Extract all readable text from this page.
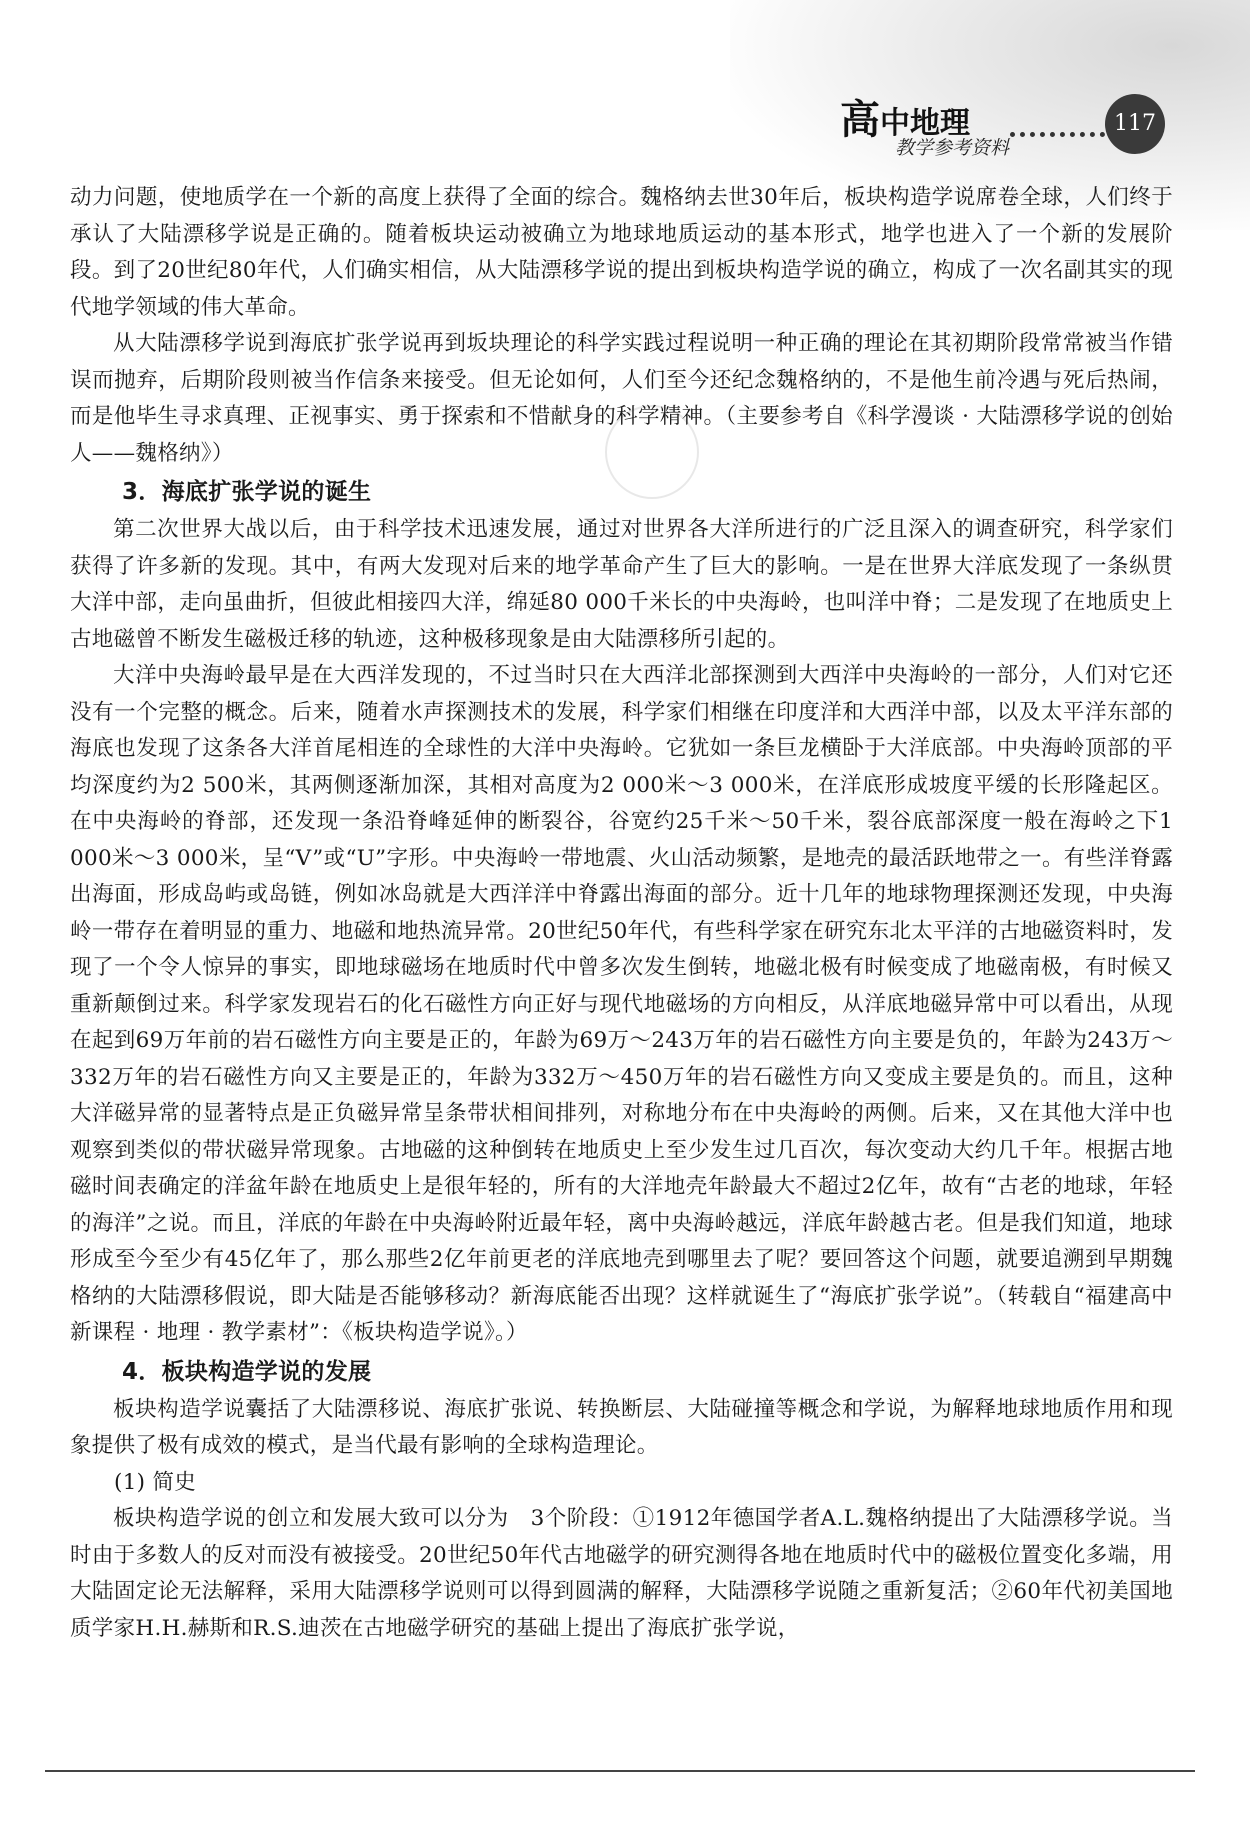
高中地理
教学参考资料
117

动力问题，使地质学在一个新的高度上获得了全面的综合。魏格纳去世30年后，板块构造学说席卷全球，人们终于承认了大陆漂移学说是正确的。随着板块运动被确立为地球地质运动的基本形式，地学也进入了一个新的发展阶段。到了20世纪80年代，人们确实相信，从大陆漂移学说的提出到板块构造学说的确立，构成了一次名副其实的现代地学领域的伟大革命。

从大陆漂移学说到海底扩张学说再到坂块理论的科学实践过程说明一种正确的理论在其初期阶段常常被当作错误而抛弃，后期阶段则被当作信条来接受。但无论如何，人们至今还纪念魏格纳的，不是他生前冷遇与死后热闹，而是他毕生寻求真理、正视事实、勇于探索和不惜献身的科学精神。（主要参考自《科学漫谈 · 大陆漂移学说的创始人——魏格纳》）

3．海底扩张学说的诞生

第二次世界大战以后，由于科学技术迅速发展，通过对世界各大洋所进行的广泛且深入的调查研究，科学家们获得了许多新的发现。其中，有两大发现对后来的地学革命产生了巨大的影响。一是在世界大洋底发现了一条纵贯大洋中部，走向虽曲折，但彼此相接四大洋，绵延80 000千米长的中央海岭，也叫洋中脊；二是发现了在地质史上古地磁曾不断发生磁极迁移的轨迹，这种极移现象是由大陆漂移所引起的。

大洋中央海岭最早是在大西洋发现的，不过当时只在大西洋北部探测到大西洋中央海岭的一部分，人们对它还没有一个完整的概念。后来，随着水声探测技术的发展，科学家们相继在印度洋和大西洋中部，以及太平洋东部的海底也发现了这条各大洋首尾相连的全球性的大洋中央海岭。它犹如一条巨龙横卧于大洋底部。中央海岭顶部的平均深度约为2 500米，其两侧逐渐加深，其相对高度为2 000米～3 000米，在洋底形成坡度平缓的长形隆起区。在中央海岭的脊部，还发现一条沿脊峰延伸的断裂谷，谷宽约25千米～50千米，裂谷底部深度一般在海岭之下1 000米～3 000米，呈“V”或“U”字形。中央海岭一带地震、火山活动频繁，是地壳的最活跃地带之一。有些洋脊露出海面，形成岛屿或岛链，例如冰岛就是大西洋洋中脊露出海面的部分。近十几年的地球物理探测还发现，中央海岭一带存在着明显的重力、地磁和地热流异常。20世纪50年代，有些科学家在研究东北太平洋的古地磁资料时，发现了一个令人惊异的事实，即地球磁场在地质时代中曾多次发生倒转，地磁北极有时候变成了地磁南极，有时候又重新颠倒过来。科学家发现岩石的化石磁性方向正好与现代地磁场的方向相反，从洋底地磁异常中可以看出，从现在起到69万年前的岩石磁性方向主要是正的，年龄为69万～243万年的岩石磁性方向主要是负的，年龄为243万～332万年的岩石磁性方向又主要是正的，年龄为332万～450万年的岩石磁性方向又变成主要是负的。而且，这种大洋磁异常的显著特点是正负磁异常呈条带状相间排列，对称地分布在中央海岭的两侧。后来，又在其他大洋中也观察到类似的带状磁异常现象。古地磁的这种倒转在地质史上至少发生过几百次，每次变动大约几千年。根据古地磁时间表确定的洋盆年龄在地质史上是很年轻的，所有的大洋地壳年龄最大不超过2亿年，故有“古老的地球，年轻的海洋”之说。而且，洋底的年龄在中央海岭附近最年轻，离中央海岭越远，洋底年龄越古老。但是我们知道，地球形成至今至少有45亿年了，那么那些2亿年前更老的洋底地壳到哪里去了呢？要回答这个问题，就要追溯到早期魏格纳的大陆漂移假说，即大陆是否能够移动？新海底能否出现？这样就诞生了“海底扩张学说”。（转载自“福建高中新课程 · 地理 · 教学素材”：《板块构造学说》。）

4．板块构造学说的发展

板块构造学说囊括了大陆漂移说、海底扩张说、转换断层、大陆碰撞等概念和学说，为解释地球地质作用和现象提供了极有成效的模式，是当代最有影响的全球构造理论。

(1) 简史

板块构造学说的创立和发展大致可以分为　3个阶段：①1912年德国学者A.L.魏格纳提出了大陆漂移学说。当时由于多数人的反对而没有被接受。20世纪50年代古地磁学的研究测得各地在地质时代中的磁极位置变化多端，用大陆固定论无法解释，采用大陆漂移学说则可以得到圆满的解释，大陆漂移学说随之重新复活；②60年代初美国地质学家H.H.赫斯和R.S.迪茨在古地磁学研究的基础上提出了海底扩张学说，
